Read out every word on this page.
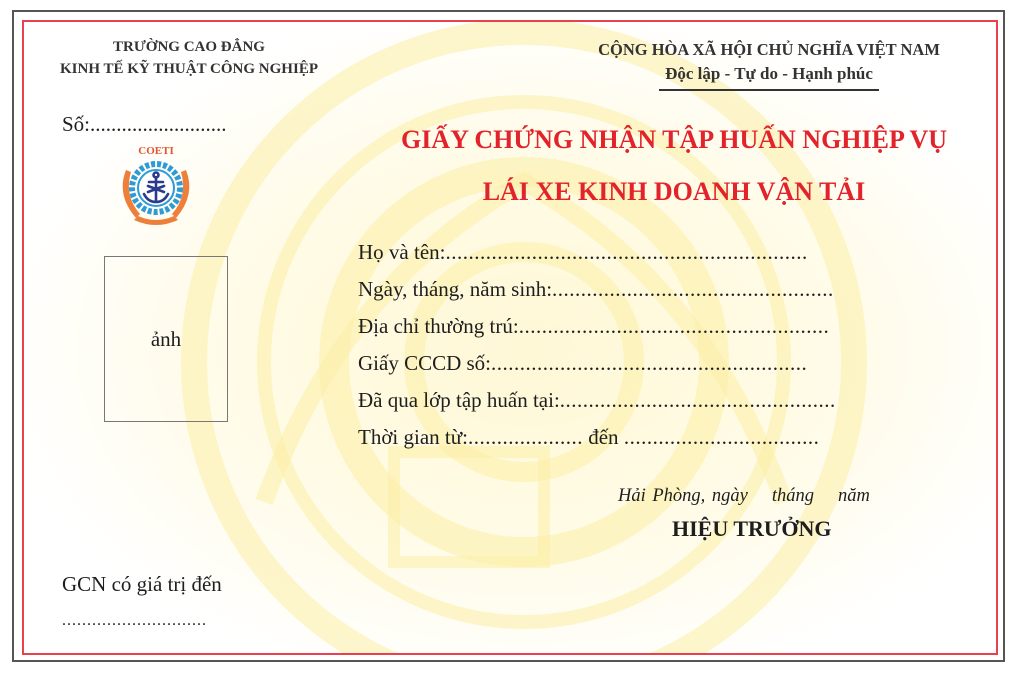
TRƯỜNG CAO ĐẲNG
KINH TẾ KỸ THUẬT CÔNG NGHIỆP
CỘNG HÒA XÃ HỘI CHỦ NGHĨA VIỆT NAM
Độc lập - Tự do - Hạnh phúc
Số:..........................
COETI
ảnh
GIẤY CHỨNG NHẬN TẬP HUẤN NGHIỆP VỤ
LÁI XE KINH DOANH VẬN TẢI
Họ và tên: ...............................................................
Ngày, tháng, năm sinh: .................................................
Địa chỉ thường trú: ......................................................
Giấy CCCD số: .......................................................
Đã qua lớp tập huấn tại: ................................................
Thời gian từ: .................... đến ..................................
Hải Phòng, ngày tháng năm
HIỆU TRƯỞNG
GCN có giá trị đến
.............................
